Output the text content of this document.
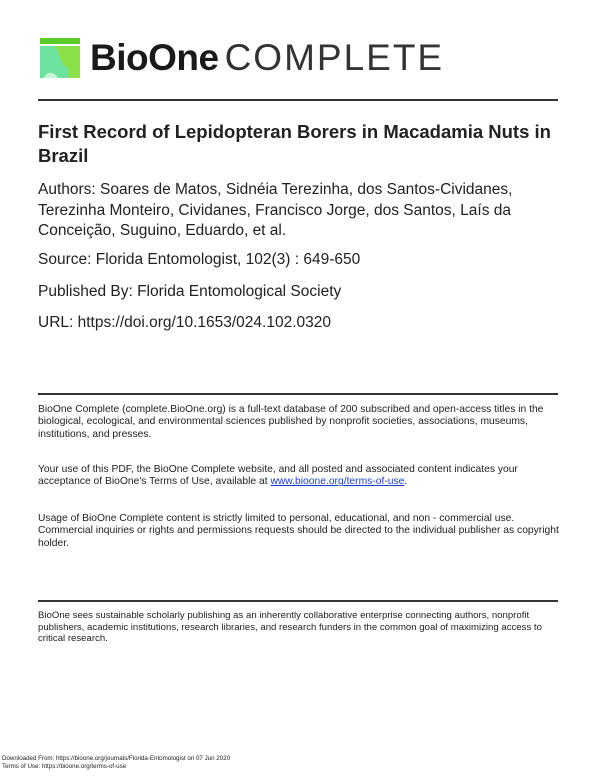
BioOne COMPLETE
First Record of Lepidopteran Borers in Macadamia Nuts in Brazil
Authors: Soares de Matos, Sidnéia Terezinha, dos Santos-Cividanes, Terezinha Monteiro, Cividanes, Francisco Jorge, dos Santos, Laís da Conceição, Suguino, Eduardo, et al.
Source: Florida Entomologist, 102(3) : 649-650
Published By: Florida Entomological Society
URL: https://doi.org/10.1653/024.102.0320
BioOne Complete (complete.BioOne.org) is a full-text database of 200 subscribed and open-access titles in the biological, ecological, and environmental sciences published by nonprofit societies, associations, museums, institutions, and presses.
Your use of this PDF, the BioOne Complete website, and all posted and associated content indicates your acceptance of BioOne's Terms of Use, available at www.bioone.org/terms-of-use.
Usage of BioOne Complete content is strictly limited to personal, educational, and non - commercial use. Commercial inquiries or rights and permissions requests should be directed to the individual publisher as copyright holder.
BioOne sees sustainable scholarly publishing as an inherently collaborative enterprise connecting authors, nonprofit publishers, academic institutions, research libraries, and research funders in the common goal of maximizing access to critical research.
Downloaded From: https://bioone.org/journals/Florida-Entomologist on 07 Jun 2020
Terms of Use: https://bioone.org/terms-of-use
